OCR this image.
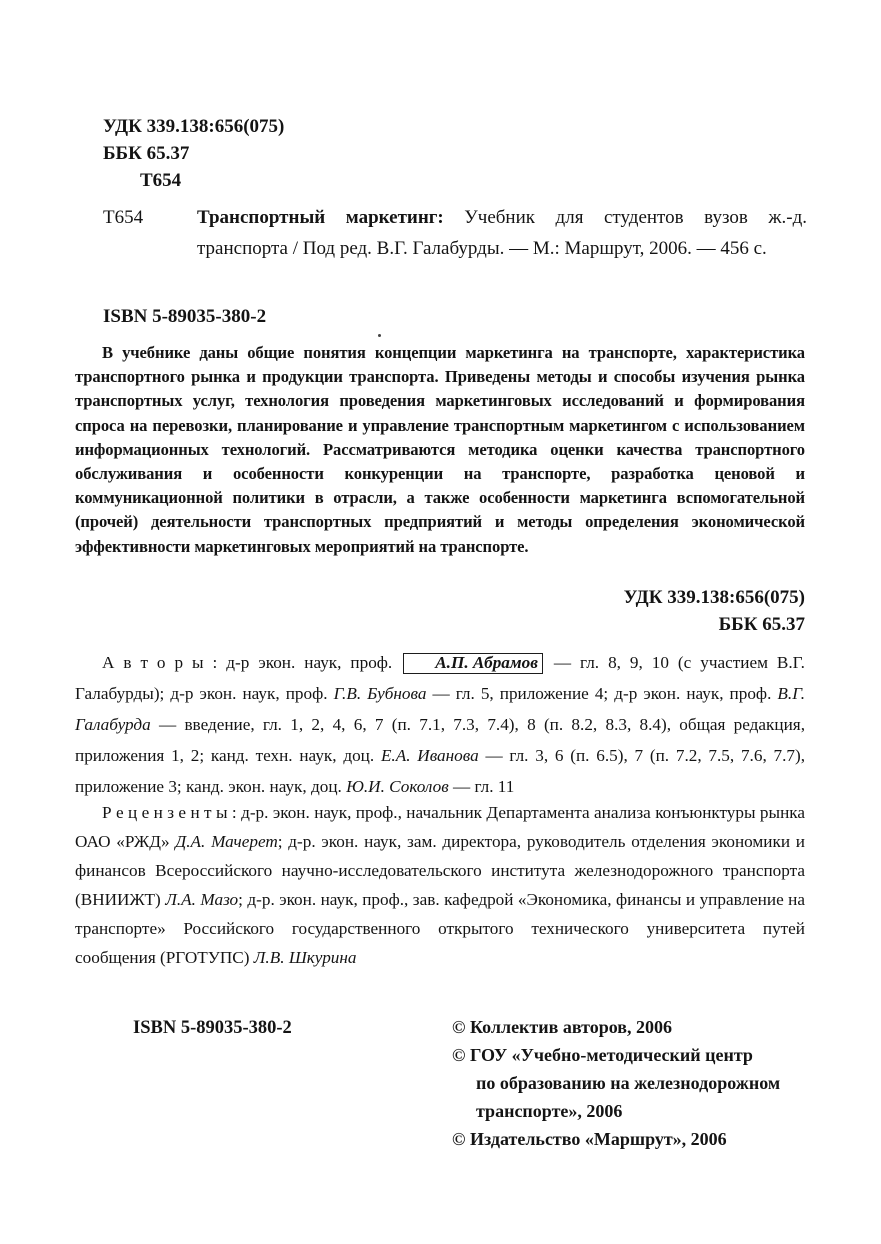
УДК 339.138:656(075)
ББК 65.37
Т654
Т654	Транспортный маркетинг: Учебник для студентов вузов ж.-д. транспорта / Под ред. В.Г. Галабурды. — М.: Маршрут, 2006. — 456 с.
ISBN 5-89035-380-2
В учебнике даны общие понятия концепции маркетинга на транспорте, характеристика транспортного рынка и продукции транспорта. Приведены методы и способы изучения рынка транспортных услуг, технология проведения маркетинговых исследований и формирования спроса на перевозки, планирование и управление транспортным маркетингом с использованием информационных технологий. Рассматриваются методика оценки качества транспортного обслуживания и особенности конкуренции на транспорте, разработка ценовой и коммуникационной политики в отрасли, а также особенности маркетинга вспомогательной (прочей) деятельности транспортных предприятий и методы определения экономической эффективности маркетинговых мероприятий на транспорте.
УДК 339.138:656(075)
ББК 65.37
А в т о р ы : д-р экон. наук, проф. А.П. Абрамов — гл. 8, 9, 10 (с участием В.Г. Галабурды); д-р экон. наук, проф. Г.В. Бубнова — гл. 5, приложение 4; д-р экон. наук, проф. В.Г. Галабурда — введение, гл. 1, 2, 4, 6, 7 (п. 7.1, 7.3, 7.4), 8 (п. 8.2, 8.3, 8.4), общая редакция, приложения 1, 2; канд. техн. наук, доц. Е.А. Иванова — гл. 3, 6 (п. 6.5), 7 (п. 7.2, 7.5, 7.6, 7.7), приложение 3; канд. экон. наук, доц. Ю.И. Соколов — гл. 11
Р е ц е н з е н т ы : д-р. экон. наук, проф., начальник Департамента анализа конъюнктуры рынка ОАО «РЖД» Д.А. Мачерет; д-р. экон. наук, зам. директора, руководитель отделения экономики и финансов Всероссийского научно-исследовательского института железнодорожного транспорта (ВНИИЖТ) Л.А. Мазо; д-р. экон. наук, проф., зав. кафедрой «Экономика, финансы и управление на транспорте» Российского государственного открытого технического университета путей сообщения (РГОТУПС) Л.В. Шкурина
ISBN 5-89035-380-2	© Коллектив авторов, 2006
© ГОУ «Учебно-методический центр
по образованию на железнодорожном
транспорте», 2006
© Издательство «Маршрут», 2006
